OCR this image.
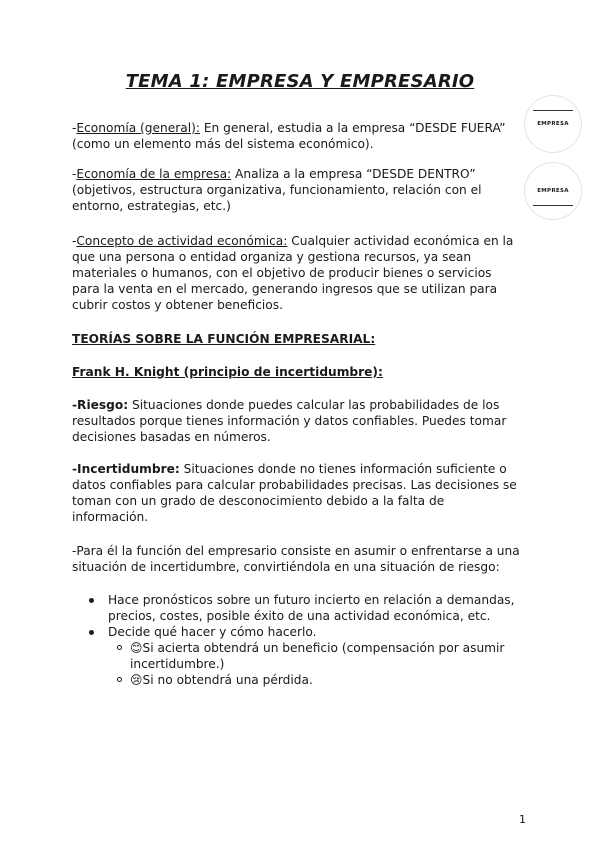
TEMA 1: EMPRESA Y EMPRESARIO
EMPRESA
EMPRESA

-Economía (general): En general, estudia a la empresa “DESDE FUERA” (como un elemento más del sistema económico).

-Economía de la empresa: Analiza a la empresa “DESDE DENTRO” (objetivos, estructura organizativa, funcionamiento, relación con el entorno, estrategias, etc.)

-Concepto de actividad económica: Cualquier actividad económica en la que una persona o entidad organiza y gestiona recursos, ya sean materiales o humanos, con el objetivo de producir bienes o servicios para la venta en el mercado, generando ingresos que se utilizan para cubrir costos y obtener beneficios.

TEORÍAS SOBRE LA FUNCIÓN EMPRESARIAL:

Frank H. Knight (principio de incertidumbre):

-Riesgo: Situaciones donde puedes calcular las probabilidades de los resultados porque tienes información y datos confiables. Puedes tomar decisiones basadas en números.

-Incertidumbre: Situaciones donde no tienes información suficiente o datos confiables para calcular probabilidades precisas. Las decisiones se toman con un grado de desconocimiento debido a la falta de información.

-Para él la función del empresario consiste en asumir o enfrentarse a una situación de incertidumbre, convirtiéndola en una situación de riesgo:

Hace pronósticos sobre un futuro incierto en relación a demandas, precios, costes, posible éxito de una actividad económica, etc.
Decide qué hacer y cómo hacerlo.
😊Si acierta obtendrá un beneficio (compensación por asumir incertidumbre.)
😢Si no obtendrá una pérdida.
1
